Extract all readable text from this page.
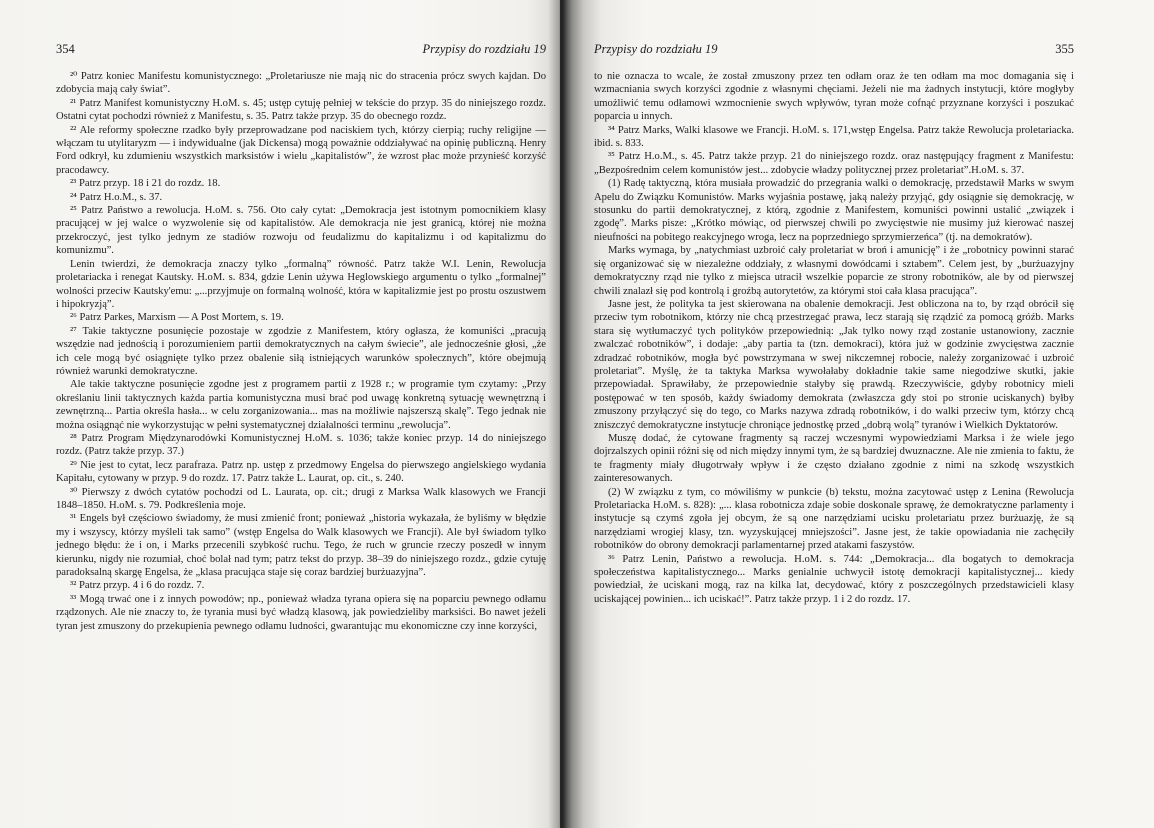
354	Przypisy do rozdziału 19

²⁰ Patrz koniec Manifestu komunistycznego: „Proletariusze nie mają nic do stracenia prócz swych kajdan. Do zdobycia mają cały świat”.

²¹ Patrz Manifest komunistyczny H.oM. s. 45; ustęp cytuję pełniej w tekście do przyp. 35 do niniejszego rozdz. Ostatni cytat pochodzi również z Manifestu, s. 35. Patrz także przyp. 35 do obecnego rozdz.

²² Ale reformy społeczne rzadko były przeprowadzane pod naciskiem tych, którzy cierpią; ruchy religijne — włączam tu utylitaryzm — i indywidualne (jak Dickensa) mogą poważnie oddziaływać na opinię publiczną. Henry Ford odkrył, ku zdumieniu wszystkich marksistów i wielu „kapitalistów”, że wzrost płac może przynieść korzyść pracodawcy.

²³ Patrz przyp. 18 i 21 do rozdz. 18.

²⁴ Patrz H.o.M., s. 37.

²⁵ Patrz Państwo a rewolucja. H.oM. s. 756. Oto cały cytat: „Demokracja jest istotnym pomocnikiem klasy pracującej w jej walce o wyzwolenie się od kapitalistów. Ale demokracja nie jest granicą, której nie można przekroczyć, jest tylko jednym ze stadiów rozwoju od feudalizmu do kapitalizmu i od kapitalizmu do komunizmu”.

Lenin twierdzi, że demokracja znaczy tylko „formalną” równość. Patrz także W.I. Lenin, Rewolucja proletariacka i renegat Kautsky. H.oM. s. 834, gdzie Lenin używa Heglowskiego argumentu o tylko „formalnej” wolności przeciw Kautsky'emu: „...przyjmuje on formalną wolność, która w kapitalizmie jest po prostu oszustwem i hipokryzją”.

²⁶ Patrz Parkes, Marxism — A Post Mortem, s. 19.

²⁷ Takie taktyczne posunięcie pozostaje w zgodzie z Manifestem, który ogłasza, że komuniści „pracują wszędzie nad jednością i porozumieniem partii demokratycznych na całym świecie”, ale jednocześnie głosi, „że ich cele mogą być osiągnięte tylko przez obalenie siłą istniejących warunków społecznych”, które obejmują również warunki demokratyczne.

Ale takie taktyczne posunięcie zgodne jest z programem partii z 1928 r.; w programie tym czytamy: „Przy określaniu linii taktycznych każda partia komunistyczna musi brać pod uwagę konkretną sytuację wewnętrzną i zewnętrzną... Partia określa hasła... w celu zorganizowania... mas na możliwie najszerszą skalę”. Tego jednak nie można osiągnąć nie wykorzystując w pełni systematycznej działalności terminu „rewolucja”.

²⁸ Patrz Program Międzynarodówki Komunistycznej H.oM. s. 1036; także koniec przyp. 14 do niniejszego rozdz. (Patrz także przyp. 37.)

²⁹ Nie jest to cytat, lecz parafraza. Patrz np. ustęp z przedmowy Engelsa do pierwszego angielskiego wydania Kapitału, cytowany w przyp. 9 do rozdz. 17. Patrz także L. Laurat, op. cit., s. 240.

³⁰ Pierwszy z dwóch cytatów pochodzi od L. Laurata, op. cit.; drugi z Marksa Walk klasowych we Francji 1848–1850. H.oM. s. 79. Podkreślenia moje.

³¹ Engels był częściowo świadomy, że musi zmienić front; ponieważ „historia wykazała, że byliśmy w błędzie my i wszyscy, którzy myśleli tak samo” (wstęp Engelsa do Walk klasowych we Francji). Ale był świadom tylko jednego błędu: że i on, i Marks przecenili szybkość ruchu. Tego, że ruch w gruncie rzeczy poszedł w innym kierunku, nigdy nie rozumiał, choć bolał nad tym; patrz tekst do przyp. 38–39 do niniejszego rozdz., gdzie cytuję paradoksalną skargę Engelsa, że „klasa pracująca staje się coraz bardziej burżuazyjna”.

³² Patrz przyp. 4 i 6 do rozdz. 7.

³³ Mogą trwać one i z innych powodów; np., ponieważ władza tyrana opiera się na poparciu pewnego odłamu rządzonych. Ale nie znaczy to, że tyrania musi być władzą klasową, jak powiedzieliby marksiści. Bo nawet jeżeli tyran jest zmuszony do przekupienia pewnego odłamu ludności, gwarantując mu ekonomiczne czy inne korzyści,

Przypisy do rozdziału 19	355

to nie oznacza to wcale, że został zmuszony przez ten odłam oraz że ten odłam ma moc domagania się i wzmacniania swych korzyści zgodnie z własnymi chęciami. Jeżeli nie ma żadnych instytucji, które mogłyby umożliwić temu odłamowi wzmocnienie swych wpływów, tyran może cofnąć przyznane korzyści i poszukać poparcia u innych.

³⁴ Patrz Marks, Walki klasowe we Francji. H.oM. s. 171,wstęp Engelsa. Patrz także Rewolucja proletariacka. ibid. s. 833.

³⁵ Patrz H.o.M., s. 45. Patrz także przyp. 21 do niniejszego rozdz. oraz następujący fragment z Manifestu: „Bezpośrednim celem komunistów jest... zdobycie władzy politycznej przez proletariat”.H.oM. s. 37.

(1) Radę taktyczną, która musiała prowadzić do przegrania walki o demokrację, przedstawił Marks w swym Apelu do Związku Komunistów. Marks wyjaśnia postawę, jaką należy przyjąć, gdy osiągnie się demokrację, w stosunku do partii demokratycznej, z którą, zgodnie z Manifestem, komuniści powinni ustalić „związek i zgodę”. Marks pisze: „Krótko mówiąc, od pierwszej chwili po zwycięstwie nie musimy już kierować naszej nieufności na pobitego reakcyjnego wroga, lecz na poprzedniego sprzymierzeńca” (tj. na demokratów).

Marks wymaga, by „natychmiast uzbroić cały proletariat w broń i amunicję” i że „robotnicy powinni starać się organizować się w niezależne oddziały, z własnymi dowódcami i sztabem”. Celem jest, by „burżuazyjny demokratyczny rząd nie tylko z miejsca utracił wszelkie poparcie ze strony robotników, ale by od pierwszej chwili znalazł się pod kontrolą i groźbą autorytetów, za którymi stoi cała klasa pracująca”.

Jasne jest, że polityka ta jest skierowana na obalenie demokracji. Jest obliczona na to, by rząd obrócił się przeciw tym robotnikom, którzy nie chcą przestrzegać prawa, lecz starają się rządzić za pomocą gróźb. Marks stara się wytłumaczyć tych polityków przepowiednią: „Jak tylko nowy rząd zostanie ustanowiony, zacznie zwalczać robotników”, i dodaje: „aby partia ta (tzn. demokraci), która już w godzinie zwycięstwa zacznie zdradzać robotników, mogła być powstrzymana w swej nikczemnej robocie, należy zorganizować i uzbroić proletariat”. Myślę, że ta taktyka Marksa wywołałaby dokładnie takie same niegodziwe skutki, jakie przepowiadał. Sprawiłaby, że przepowiednie stałyby się prawdą. Rzeczywiście, gdyby robotnicy mieli postępować w ten sposób, każdy świadomy demokrata (zwłaszcza gdy stoi po stronie uciskanych) byłby zmuszony przyłączyć się do tego, co Marks nazywa zdradą robotników, i do walki przeciw tym, którzy chcą zniszczyć demokratyczne instytucje chroniące jednostkę przed „dobrą wolą” tyranów i Wielkich Dyktatorów.

Muszę dodać, że cytowane fragmenty są raczej wczesnymi wypowiedziami Marksa i że wiele jego dojrzalszych opinii różni się od nich między innymi tym, że są bardziej dwuznaczne. Ale nie zmienia to faktu, że te fragmenty miały długotrwały wpływ i że często działano zgodnie z nimi na szkodę wszystkich zainteresowanych.

(2) W związku z tym, co mówiliśmy w punkcie (b) tekstu, można zacytować ustęp z Lenina (Rewolucja Proletariacka H.oM. s. 828): „... klasa robotnicza zdaje sobie doskonale sprawę, że demokratyczne parlamenty i instytucje są czymś zgoła jej obcym, że są one narzędziami ucisku proletariatu przez burżuazję, że są narzędziami wrogiej klasy, tzn. wyzyskującej mniejszości”. Jasne jest, że takie opowiadania nie zachęciły robotników do obrony demokracji parlamentarnej przed atakami faszystów.

³⁶ Patrz Lenin, Państwo a rewolucja. H.oM. s. 744: „Demokracja... dla bogatych to demokracja społeczeństwa kapitalistycznego... Marks genialnie uchwycił istotę demokracji kapitalistycznej... kiedy powiedział, że uciskani mogą, raz na kilka lat, decydować, który z poszczególnych przedstawicieli klasy uciskającej powinien... ich uciskać!”. Patrz także przyp. 1 i 2 do rozdz. 17.
